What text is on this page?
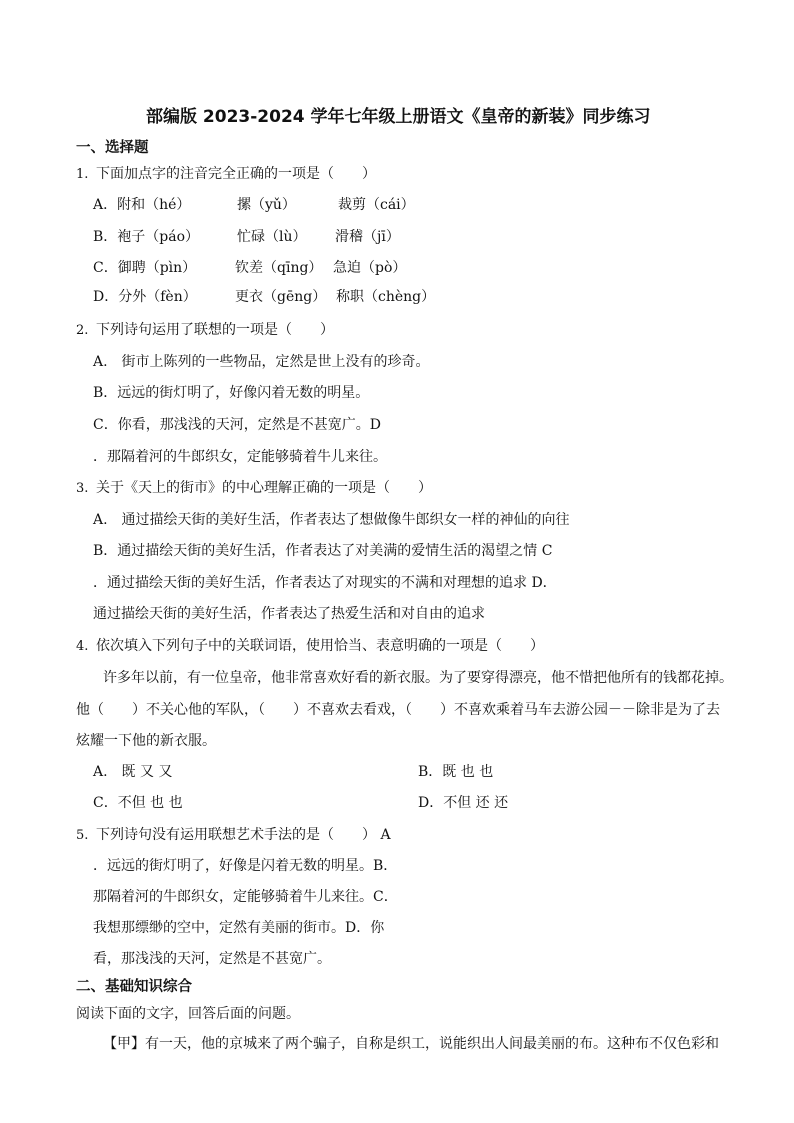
部编版 2023-2024 学年七年级上册语文《皇帝的新装》同步练习
一、选择题
1. 下面加点字的注音完全正确的一项是（　　）
A．附和（hé）	摞（yǔ）	裁剪（cái）
B．袍子（páo）	忙碌（lù） 滑稽（jī）
C．御聘（pìn）	钦差（qīng） 急迫（pò）
D．分外（fèn）	更衣（gēng） 称职（chèng）
2. 下列诗句运用了联想的一项是（　　）
A.　街市上陈列的一些物品，定然是世上没有的珍奇。
B．远远的街灯明了，好像闪着无数的明星。
C．你看，那浅浅的天河，定然是不甚宽广。D
．那隔着河的牛郎织女，定能够骑着牛儿来往。
3. 关于《天上的街市》的中心理解正确的一项是（　　）
A.　通过描绘天街的美好生活，作者表达了想做像牛郎织女一样的神仙的向往
B．通过描绘天街的美好生活，作者表达了对美满的爱情生活的渴望之情 C
．通过描绘天街的美好生活，作者表达了对现实的不满和对理想的追求 D．
通过描绘天街的美好生活，作者表达了热爱生活和对自由的追求
4. 依次填入下列句子中的关联词语，使用恰当、表意明确的一项是（　　）
许多年以前，有一位皇帝，他非常喜欢好看的新衣服。为了要穿得漂亮，他不惜把他所有的钱都花掉。
他（　　）不关心他的军队，（　　）不喜欢去看戏，（　　）不喜欢乘着马车去游公园－－除非是为了去
炫耀一下他的新衣服。
A.　既 又 又	B．既 也 也
C．不但 也 也	D．不但 还 还
5. 下列诗句没有运用联想艺术手法的是（　　） A
．远远的街灯明了，好像是闪着无数的明星。B．
那隔着河的牛郎织女，定能够骑着牛儿来往。C．
我想那缥缈的空中，定然有美丽的街市。D．你
看，那浅浅的天河，定然是不甚宽广。
二、基础知识综合
阅读下面的文字，回答后面的问题。
【甲】有一天，他的京城来了两个骗子，自称是织工，说能织出人间最美丽的布。这种布不仅色彩和
